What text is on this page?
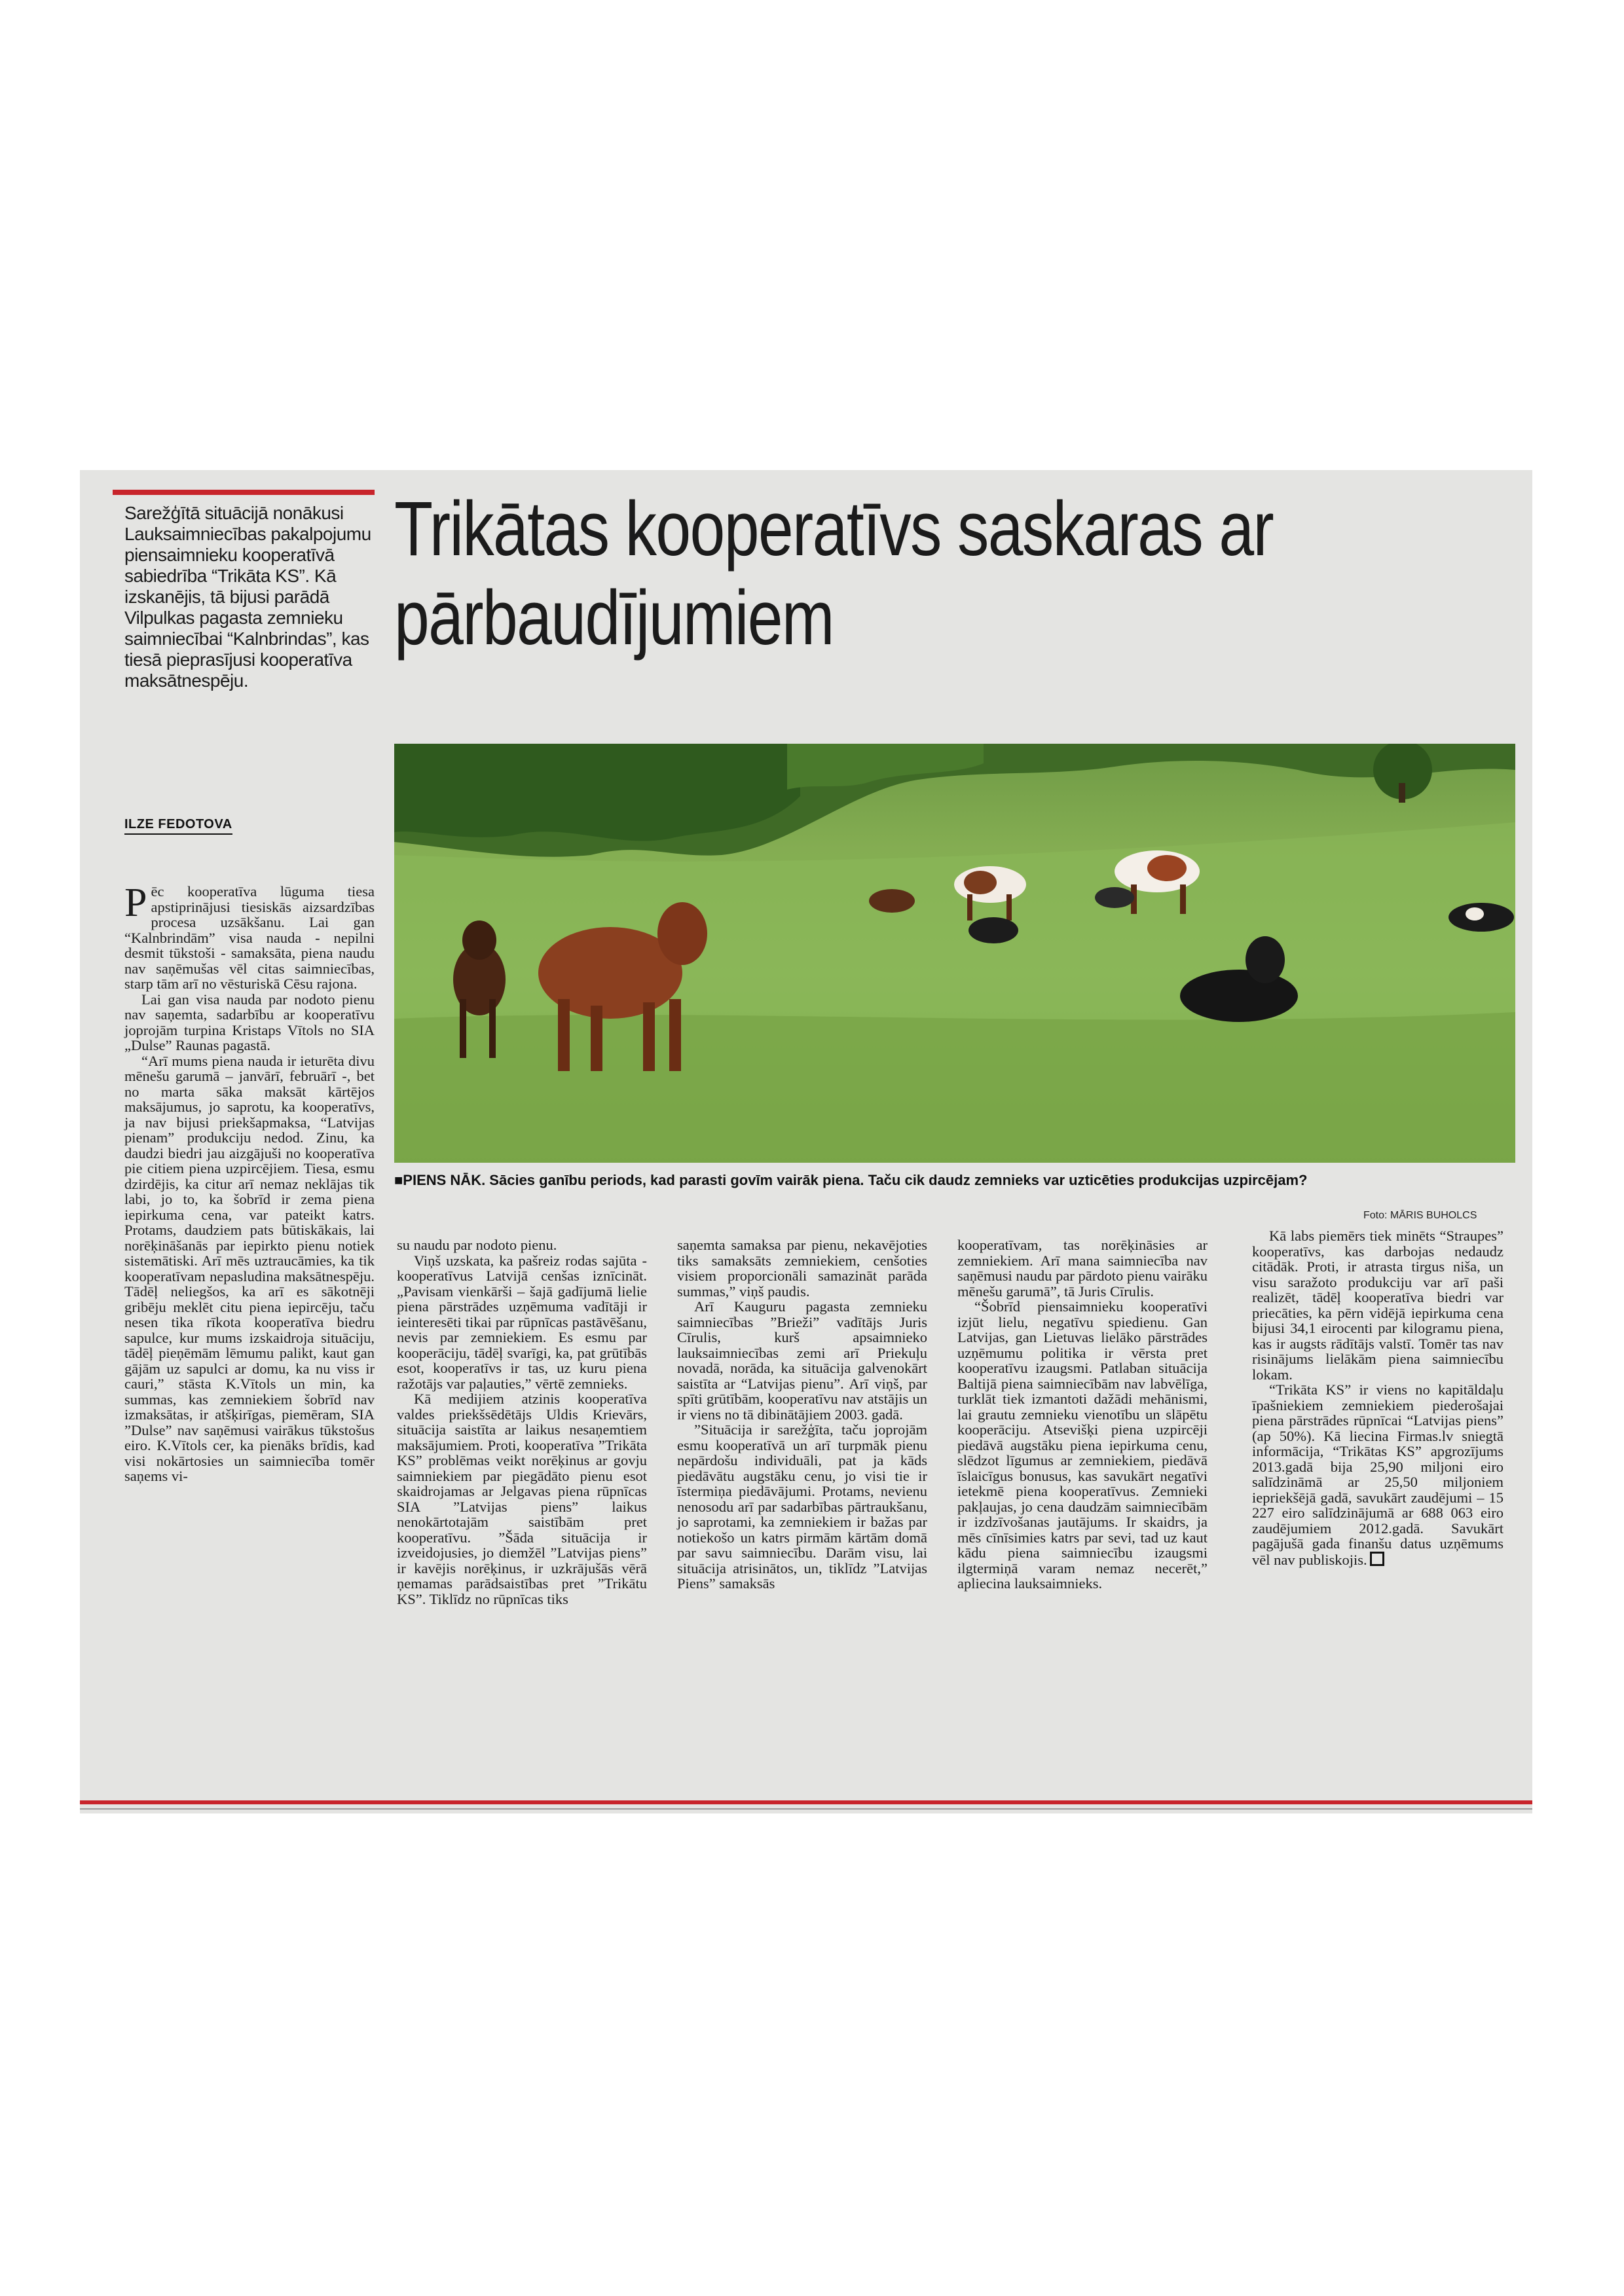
Sarežģītā situācijā nonākusi Lauksaimniecības pakalpojumu piensaimnieku kooperatīvā sabiedrība “Trikāta KS”. Kā izskanējis, tā bijusi parādā Vilpulkas pagasta zemnieku saimniecībai “Kalnbrindas”, kas tiesā pieprasījusi kooperatīva maksātnespēju.
ILZE FEDOTOVA
Trikātas kooperatīvs saskaras ar pārbaudījumiem
■PIENS NĀK. Sācies ganību periods, kad parasti govīm vairāk piena. Taču cik daudz zemnieks var uzticēties produkcijas uzpircējam?
Foto: MĀRIS BUHOLCS

Pēc kooperatīva lūguma tiesa apstiprinājusi tiesiskās aizsardzības procesa uzsākšanu. Lai gan “Kalnbrindām” visa nauda - nepilni desmit tūkstoši - samaksāta, piena naudu nav saņēmušas vēl citas saimniecības, starp tām arī no vēsturiskā Cēsu rajona.

Lai gan visa nauda par nodoto pienu nav saņemta, sadarbību ar kooperatīvu joprojām turpina Kristaps Vītols no SIA „Dulse” Raunas pagastā.

“Arī mums piena nauda ir ieturēta divu mēnešu garumā – janvārī, februārī -, bet no marta sāka maksāt kārtējos maksājumus, jo saprotu, ka kooperatīvs, ja nav bijusi priekšapmaksa, “Latvijas pienam” produkciju nedod. Zinu, ka daudzi biedri jau aizgājuši no kooperatīva pie citiem piena uzpircējiem. Tiesa, esmu dzirdējis, ka citur arī nemaz neklājas tik labi, jo to, ka šobrīd ir zema piena iepirkuma cena, var pateikt katrs. Protams, daudziem pats būtiskākais, lai norēķināšanās par iepirkto pienu notiek sistemātiski. Arī mēs uztraucāmies, ka tik kooperatīvam nepasludina maksātnespēju. Tādēļ neliegšos, ka arī es sākotnēji gribēju meklēt citu piena iepircēju, taču nesen tika rīkota kooperatīva biedru sapulce, kur mums izskaidroja situāciju, tādēļ pieņēmām lēmumu palikt, kaut gan gājām uz sapulci ar domu, ka nu viss ir cauri,” stāsta K.Vītols un min, ka summas, kas zemniekiem šobrīd nav izmaksātas, ir atšķirīgas, piemēram, SIA ”Dulse” nav saņēmusi vairākus tūkstošus eiro. K.Vītols cer, ka pienāks brīdis, kad visi nokārtosies un saimniecība tomēr saņems vi-

su naudu par nodoto pienu.

Viņš uzskata, ka pašreiz rodas sajūta - kooperatīvus Latvijā cenšas iznīcināt. „Pavisam vienkārši – šajā gadījumā lielie piena pārstrādes uzņēmuma vadītāji ir ieinteresēti tikai par rūpnīcas pastāvēšanu, nevis par zemniekiem. Es esmu par kooperāciju, tādēļ svarīgi, ka, pat grūtībās esot, kooperatīvs ir tas, uz kuru piena ražotājs var paļauties,” vērtē zemnieks.

Kā medijiem atzinis kooperatīva valdes priekšsēdētājs Uldis Krievārs, situācija saistīta ar laikus nesaņemtiem maksājumiem. Proti, kooperatīva ”Trikāta KS” problēmas veikt norēķinus ar govju saimniekiem par piegādāto pienu esot skaidrojamas ar Jelgavas piena rūpnīcas SIA ”Latvijas piens” laikus nenokārtotajām saistībām pret kooperatīvu. ”Šāda situācija ir izveidojusies, jo diemžēl ”Latvijas piens” ir kavējis norēķinus, ir uzkrājušās vērā ņemamas parādsaistības pret ”Trikātu KS”. Tiklīdz no rūpnīcas tiks

saņemta samaksa par pienu, nekavējoties tiks samaksāts zemniekiem, cenšoties visiem proporcionāli samazināt parāda summas,” viņš paudis.

Arī Kauguru pagasta zemnieku saimniecības ”Brieži” vadītājs Juris Cīrulis, kurš apsaimnieko lauksaimniecības zemi arī Priekuļu novadā, norāda, ka situācija galvenokārt saistīta ar “Latvijas pienu”. Arī viņš, par spīti grūtībām, kooperatīvu nav atstājis un ir viens no tā dibinātājiem 2003. gadā.

”Situācija ir sarežģīta, taču joprojām esmu kooperatīvā un arī turpmāk pienu nepārdošu individuāli, pat ja kāds piedāvātu augstāku cenu, jo visi tie ir īstermiņa piedāvājumi. Protams, nevienu nenosodu arī par sadarbības pārtraukšanu, jo saprotami, ka zemniekiem ir bažas par notiekošo un katrs pirmām kārtām domā par savu saimniecību. Darām visu, lai situācija atrisinātos, un, tiklīdz ”Latvijas Piens” samaksās

kooperatīvam, tas norēķināsies ar zemniekiem. Arī mana saimniecība nav saņēmusi naudu par pārdoto pienu vairāku mēnešu garumā”, tā Juris Cīrulis.

“Šobrīd piensaimnieku kooperatīvi izjūt lielu, negatīvu spiedienu. Gan Latvijas, gan Lietuvas lielāko pārstrādes uzņēmumu politika ir vērsta pret kooperatīvu izaugsmi. Patlaban situācija Baltijā piena saimniecībām nav labvēlīga, turklāt tiek izmantoti dažādi mehānismi, lai grautu zemnieku vienotību un slāpētu kooperāciju. Atsevišķi piena uzpircēji piedāvā augstāku piena iepirkuma cenu, slēdzot līgumus ar zemniekiem, piedāvā īslaicīgus bonusus, kas savukārt negatīvi ietekmē piena kooperatīvus. Zemnieki pakļaujas, jo cena daudzām saimniecībām ir izdzīvošanas jautājums. Ir skaidrs, ja mēs cīnīsimies katrs par sevi, tad uz kaut kādu piena saimniecību izaugsmi ilgtermiņā varam nemaz necerēt,” apliecina lauksaimnieks.

Kā labs piemērs tiek minēts “Straupes” kooperatīvs, kas darbojas nedaudz citādāk. Proti, ir atrasta tirgus niša, un visu saražoto produkciju var arī paši realizēt, tādēļ kooperatīva biedri var priecāties, ka pērn vidējā iepirkuma cena bijusi 34,1 eirocenti par kilogramu piena, kas ir augsts rādītājs valstī. Tomēr tas nav risinājums lielākām piena saimniecību lokam.

“Trikāta KS” ir viens no kapitāldaļu īpašniekiem zemniekiem piederošajai piena pārstrādes rūpnīcai “Latvijas piens” (ap 50%). Kā liecina Firmas.lv sniegtā informācija, “Trikātas KS” apgrozījums 2013.gadā bija 25,90 miljoni eiro salīdzināmā ar 25,50 miljoniem iepriekšējā gadā, savukārt zaudējumi – 15 227 eiro salīdzinājumā ar 688 063 eiro zaudējumiem 2012.gadā. Savukārt pagājušā gada finanšu datus uzņēmums vēl nav publiskojis.
